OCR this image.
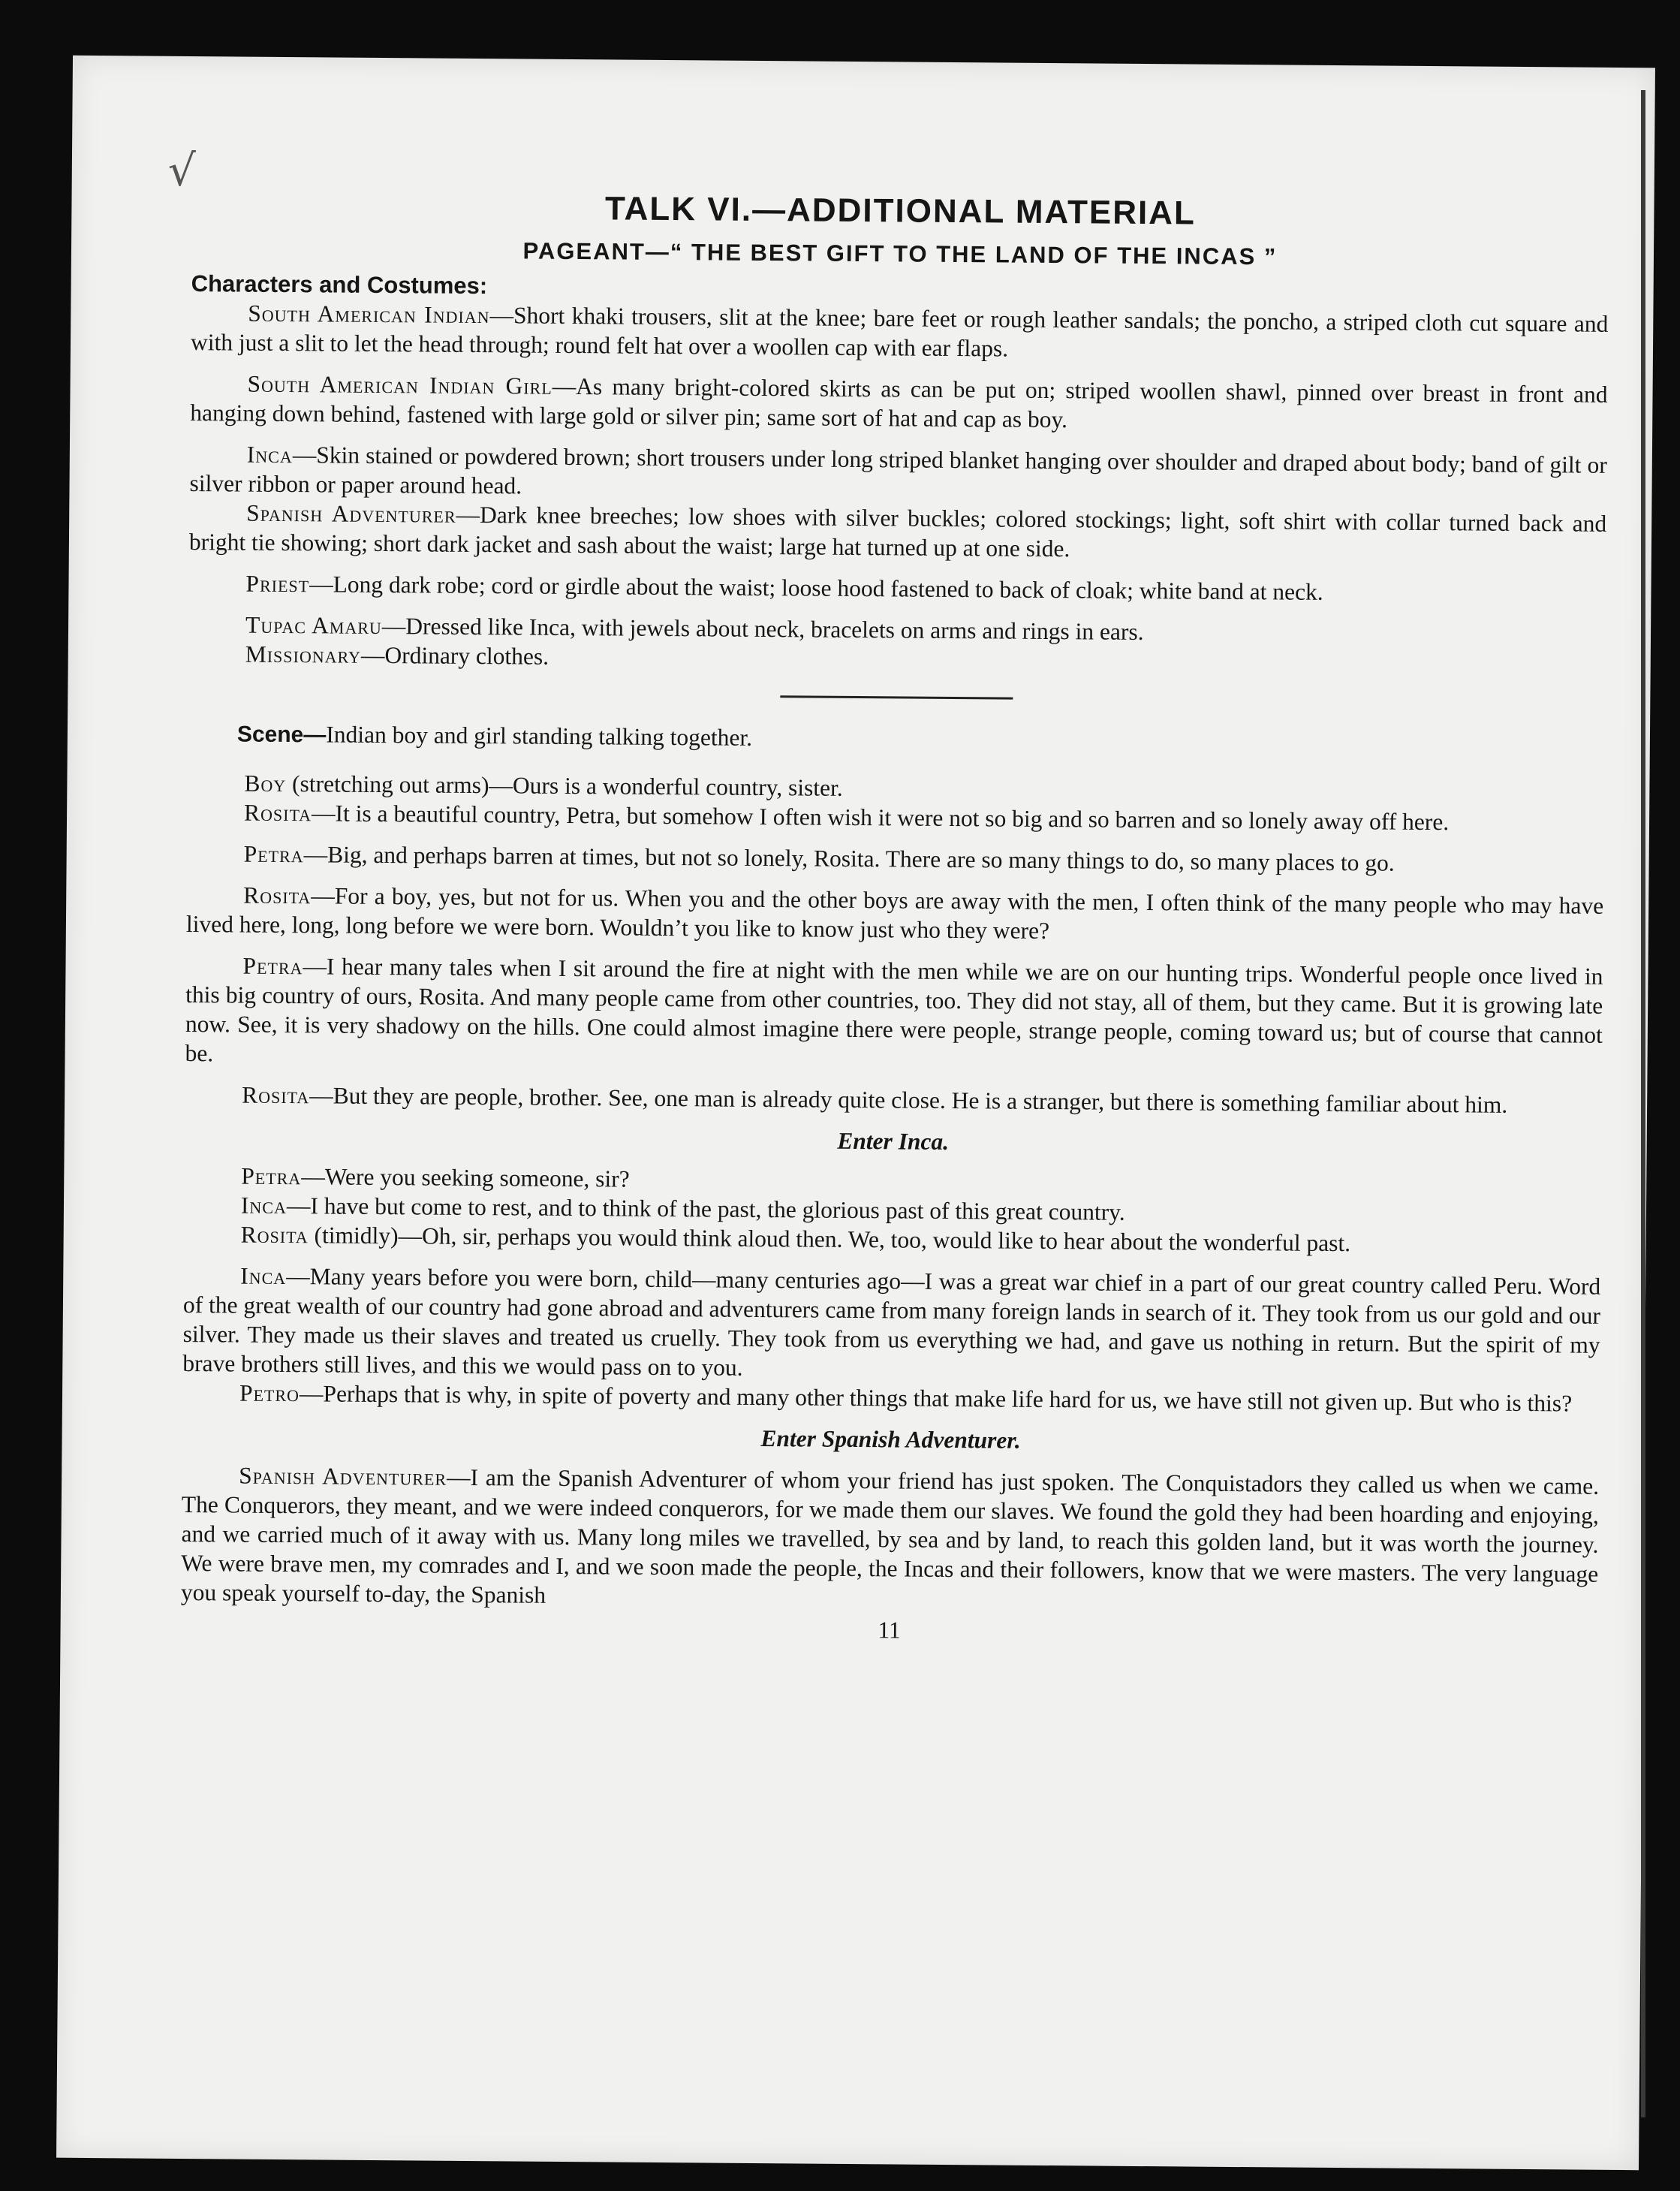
√
TALK VI.—ADDITIONAL MATERIAL
PAGEANT—“ THE BEST GIFT TO THE LAND OF THE INCAS ”
Characters and Costumes:

South American Indian—Short khaki trousers, slit at the knee; bare feet or rough leather sandals; the poncho, a striped cloth cut square and with just a slit to let the head through; round felt hat over a woollen cap with ear flaps.

South American Indian Girl—As many bright-colored skirts as can be put on; striped woollen shawl, pinned over breast in front and hanging down behind, fastened with large gold or silver pin; same sort of hat and cap as boy.

Inca—Skin stained or powdered brown; short trousers under long striped blanket hanging over shoulder and draped about body; band of gilt or silver ribbon or paper around head.

Spanish Adventurer—Dark knee breeches; low shoes with silver buckles; colored stockings; light, soft shirt with collar turned back and bright tie showing; short dark jacket and sash about the waist; large hat turned up at one side.

Priest—Long dark robe; cord or girdle about the waist; loose hood fastened to back of cloak; white band at neck.

Tupac Amaru—Dressed like Inca, with jewels about neck, bracelets on arms and rings in ears.

Missionary—Ordinary clothes.

Scene—Indian boy and girl standing talking together.

Boy (stretching out arms)—Ours is a wonderful country, sister.

Rosita—It is a beautiful country, Petra, but somehow I often wish it were not so big and so barren and so lonely away off here.

Petra—Big, and perhaps barren at times, but not so lonely, Rosita. There are so many things to do, so many places to go.

Rosita—For a boy, yes, but not for us. When you and the other boys are away with the men, I often think of the many people who may have lived here, long, long before we were born. Wouldn’t you like to know just who they were?

Petra—I hear many tales when I sit around the fire at night with the men while we are on our hunting trips. Wonderful people once lived in this big country of ours, Rosita. And many people came from other countries, too. They did not stay, all of them, but they came. But it is growing late now. See, it is very shadowy on the hills. One could almost imagine there were people, strange people, coming toward us; but of course that cannot be.

Rosita—But they are people, brother. See, one man is already quite close. He is a stranger, but there is something familiar about him.

Enter Inca.

Petra—Were you seeking someone, sir?

Inca—I have but come to rest, and to think of the past, the glorious past of this great country.

Rosita (timidly)—Oh, sir, perhaps you would think aloud then. We, too, would like to hear about the wonderful past.

Inca—Many years before you were born, child—many centuries ago—I was a great war chief in a part of our great country called Peru. Word of the great wealth of our country had gone abroad and adventurers came from many foreign lands in search of it. They took from us our gold and our silver. They made us their slaves and treated us cruelly. They took from us everything we had, and gave us nothing in return. But the spirit of my brave brothers still lives, and this we would pass on to you.

Petro—Perhaps that is why, in spite of poverty and many other things that make life hard for us, we have still not given up. But who is this?

Enter Spanish Adventurer.

Spanish Adventurer—I am the Spanish Adventurer of whom your friend has just spoken. The Conquistadors they called us when we came. The Conquerors, they meant, and we were indeed conquerors, for we made them our slaves. We found the gold they had been hoarding and enjoying, and we carried much of it away with us. Many long miles we travelled, by sea and by land, to reach this golden land, but it was worth the journey. We were brave men, my comrades and I, and we soon made the people, the Incas and their followers, know that we were masters. The very language you speak yourself to-day, the Spanish

11
